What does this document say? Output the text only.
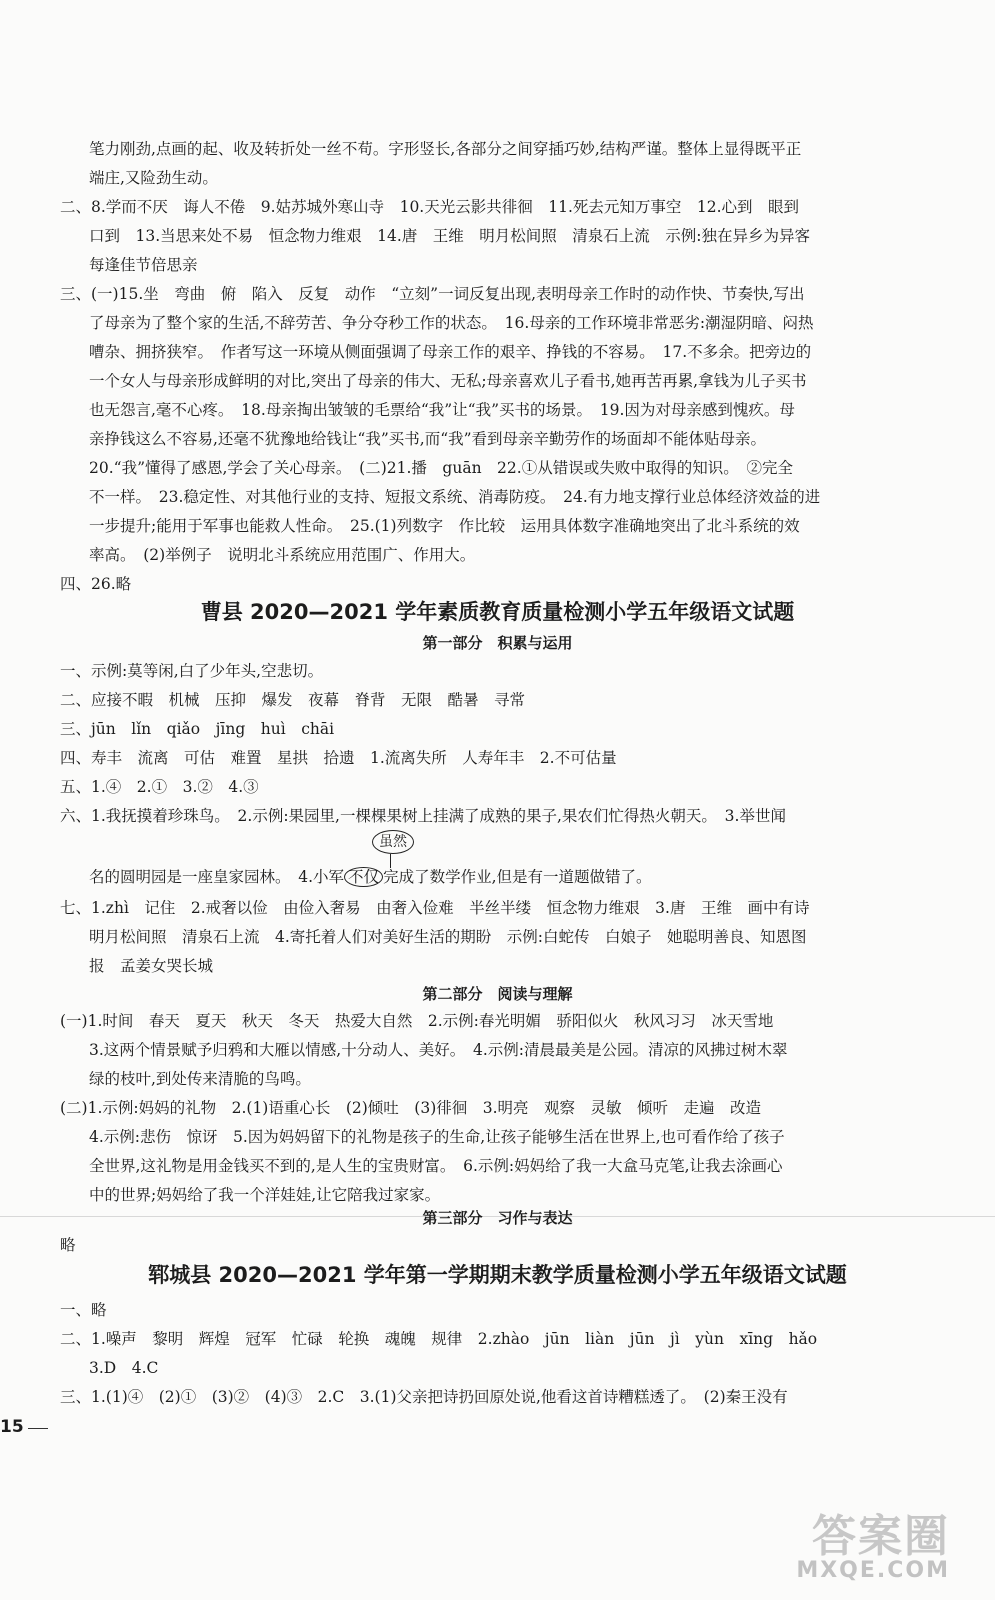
笔力刚劲,点画的起、收及转折处一丝不苟。字形竖长,各部分之间穿插巧妙,结构严谨。整体上显得既平正
端庄,又险劲生动。
二、8.学而不厌　诲人不倦　9.姑苏城外寒山寺　10.天光云影共徘徊　11.死去元知万事空　12.心到　眼到
口到　13.当思来处不易　恒念物力维艰　14.唐　王维　明月松间照　清泉石上流　示例:独在异乡为异客
每逢佳节倍思亲
三、(一)15.坐　弯曲　俯　陷入　反复　动作　“立刻”一词反复出现,表明母亲工作时的动作快、节奏快,写出
了母亲为了整个家的生活,不辞劳苦、争分夺秒工作的状态。　16.母亲的工作环境非常恶劣:潮湿阴暗、闷热
嘈杂、拥挤狭窄。　作者写这一环境从侧面强调了母亲工作的艰辛、挣钱的不容易。　17.不多余。把旁边的
一个女人与母亲形成鲜明的对比,突出了母亲的伟大、无私;母亲喜欢儿子看书,她再苦再累,拿钱为儿子买书
也无怨言,毫不心疼。　18.母亲掏出皱皱的毛票给“我”让“我”买书的场景。　19.因为对母亲感到愧疚。母
亲挣钱这么不容易,还毫不犹豫地给钱让“我”买书,而“我”看到母亲辛勤劳作的场面却不能体贴母亲。
20.“我”懂得了感恩,学会了关心母亲。　(二)21.播　guān　22.①从错误或失败中取得的知识。　②完全
不一样。　23.稳定性、对其他行业的支持、短报文系统、消毒防疫。　24.有力地支撑行业总体经济效益的进
一步提升;能用于军事也能救人性命。　25.(1)列数字　作比较　运用具体数字准确地突出了北斗系统的效
率高。　(2)举例子　说明北斗系统应用范围广、作用大。
四、26.略
曹县 2020—2021 学年素质教育质量检测小学五年级语文试题
第一部分　积累与运用
一、示例:莫等闲,白了少年头,空悲切。
二、应接不暇　机械　压抑　爆发　夜幕　脊背　无限　酷暑　寻常
三、jūn　lǐn　qiǎo　jīng　huì　chāi
四、寿丰　流离　可估　难置　星拱　拾遗　1.流离失所　人寿年丰　2.不可估量
五、1.④　2.①　3.②　4.③
六、1.我抚摸着珍珠鸟。　2.示例:果园里,一棵棵果树上挂满了成熟的果子,果农们忙得热火朝天。　3.举世闻
虽然
名的圆明园是一座皇家园林。　4.小军 不仅 完成了数学作业,但是有一道题做错了。
七、1.zhì　记住　2.戒奢以俭　由俭入奢易　由奢入俭难　半丝半缕　恒念物力维艰　3.唐　王维　画中有诗
明月松间照　清泉石上流　4.寄托着人们对美好生活的期盼　示例:白蛇传　白娘子　她聪明善良、知恩图
报　孟姜女哭长城
第二部分　阅读与理解
(一)1.时间　春天　夏天　秋天　冬天　热爱大自然　2.示例:春光明媚　骄阳似火　秋风习习　冰天雪地
3.这两个情景赋予归鸦和大雁以情感,十分动人、美好。　4.示例:清晨最美是公园。清凉的风拂过树木翠
绿的枝叶,到处传来清脆的鸟鸣。
(二)1.示例:妈妈的礼物　2.(1)语重心长　(2)倾吐　(3)徘徊　3.明亮　观察　灵敏　倾听　走遍　改造
4.示例:悲伤　惊讶　5.因为妈妈留下的礼物是孩子的生命,让孩子能够生活在世界上,也可看作给了孩子
全世界,这礼物是用金钱买不到的,是人生的宝贵财富。　6.示例:妈妈给了我一大盒马克笔,让我去涂画心
中的世界;妈妈给了我一个洋娃娃,让它陪我过家家。
第三部分　习作与表达
略
郓城县 2020—2021 学年第一学期期末教学质量检测小学五年级语文试题
一、略
二、1.噪声　黎明　辉煌　冠军　忙碌　轮换　魂魄　规律　2.zhào　jūn　liàn　jūn　jì　yùn　xīng　hǎo
3.D　4.C
三、1.(1)④　(2)①　(3)②　(4)③　2.C　3.(1)父亲把诗扔回原处说,他看这首诗糟糕透了。　(2)秦王没有
15
答案圈
MXQE.COM
